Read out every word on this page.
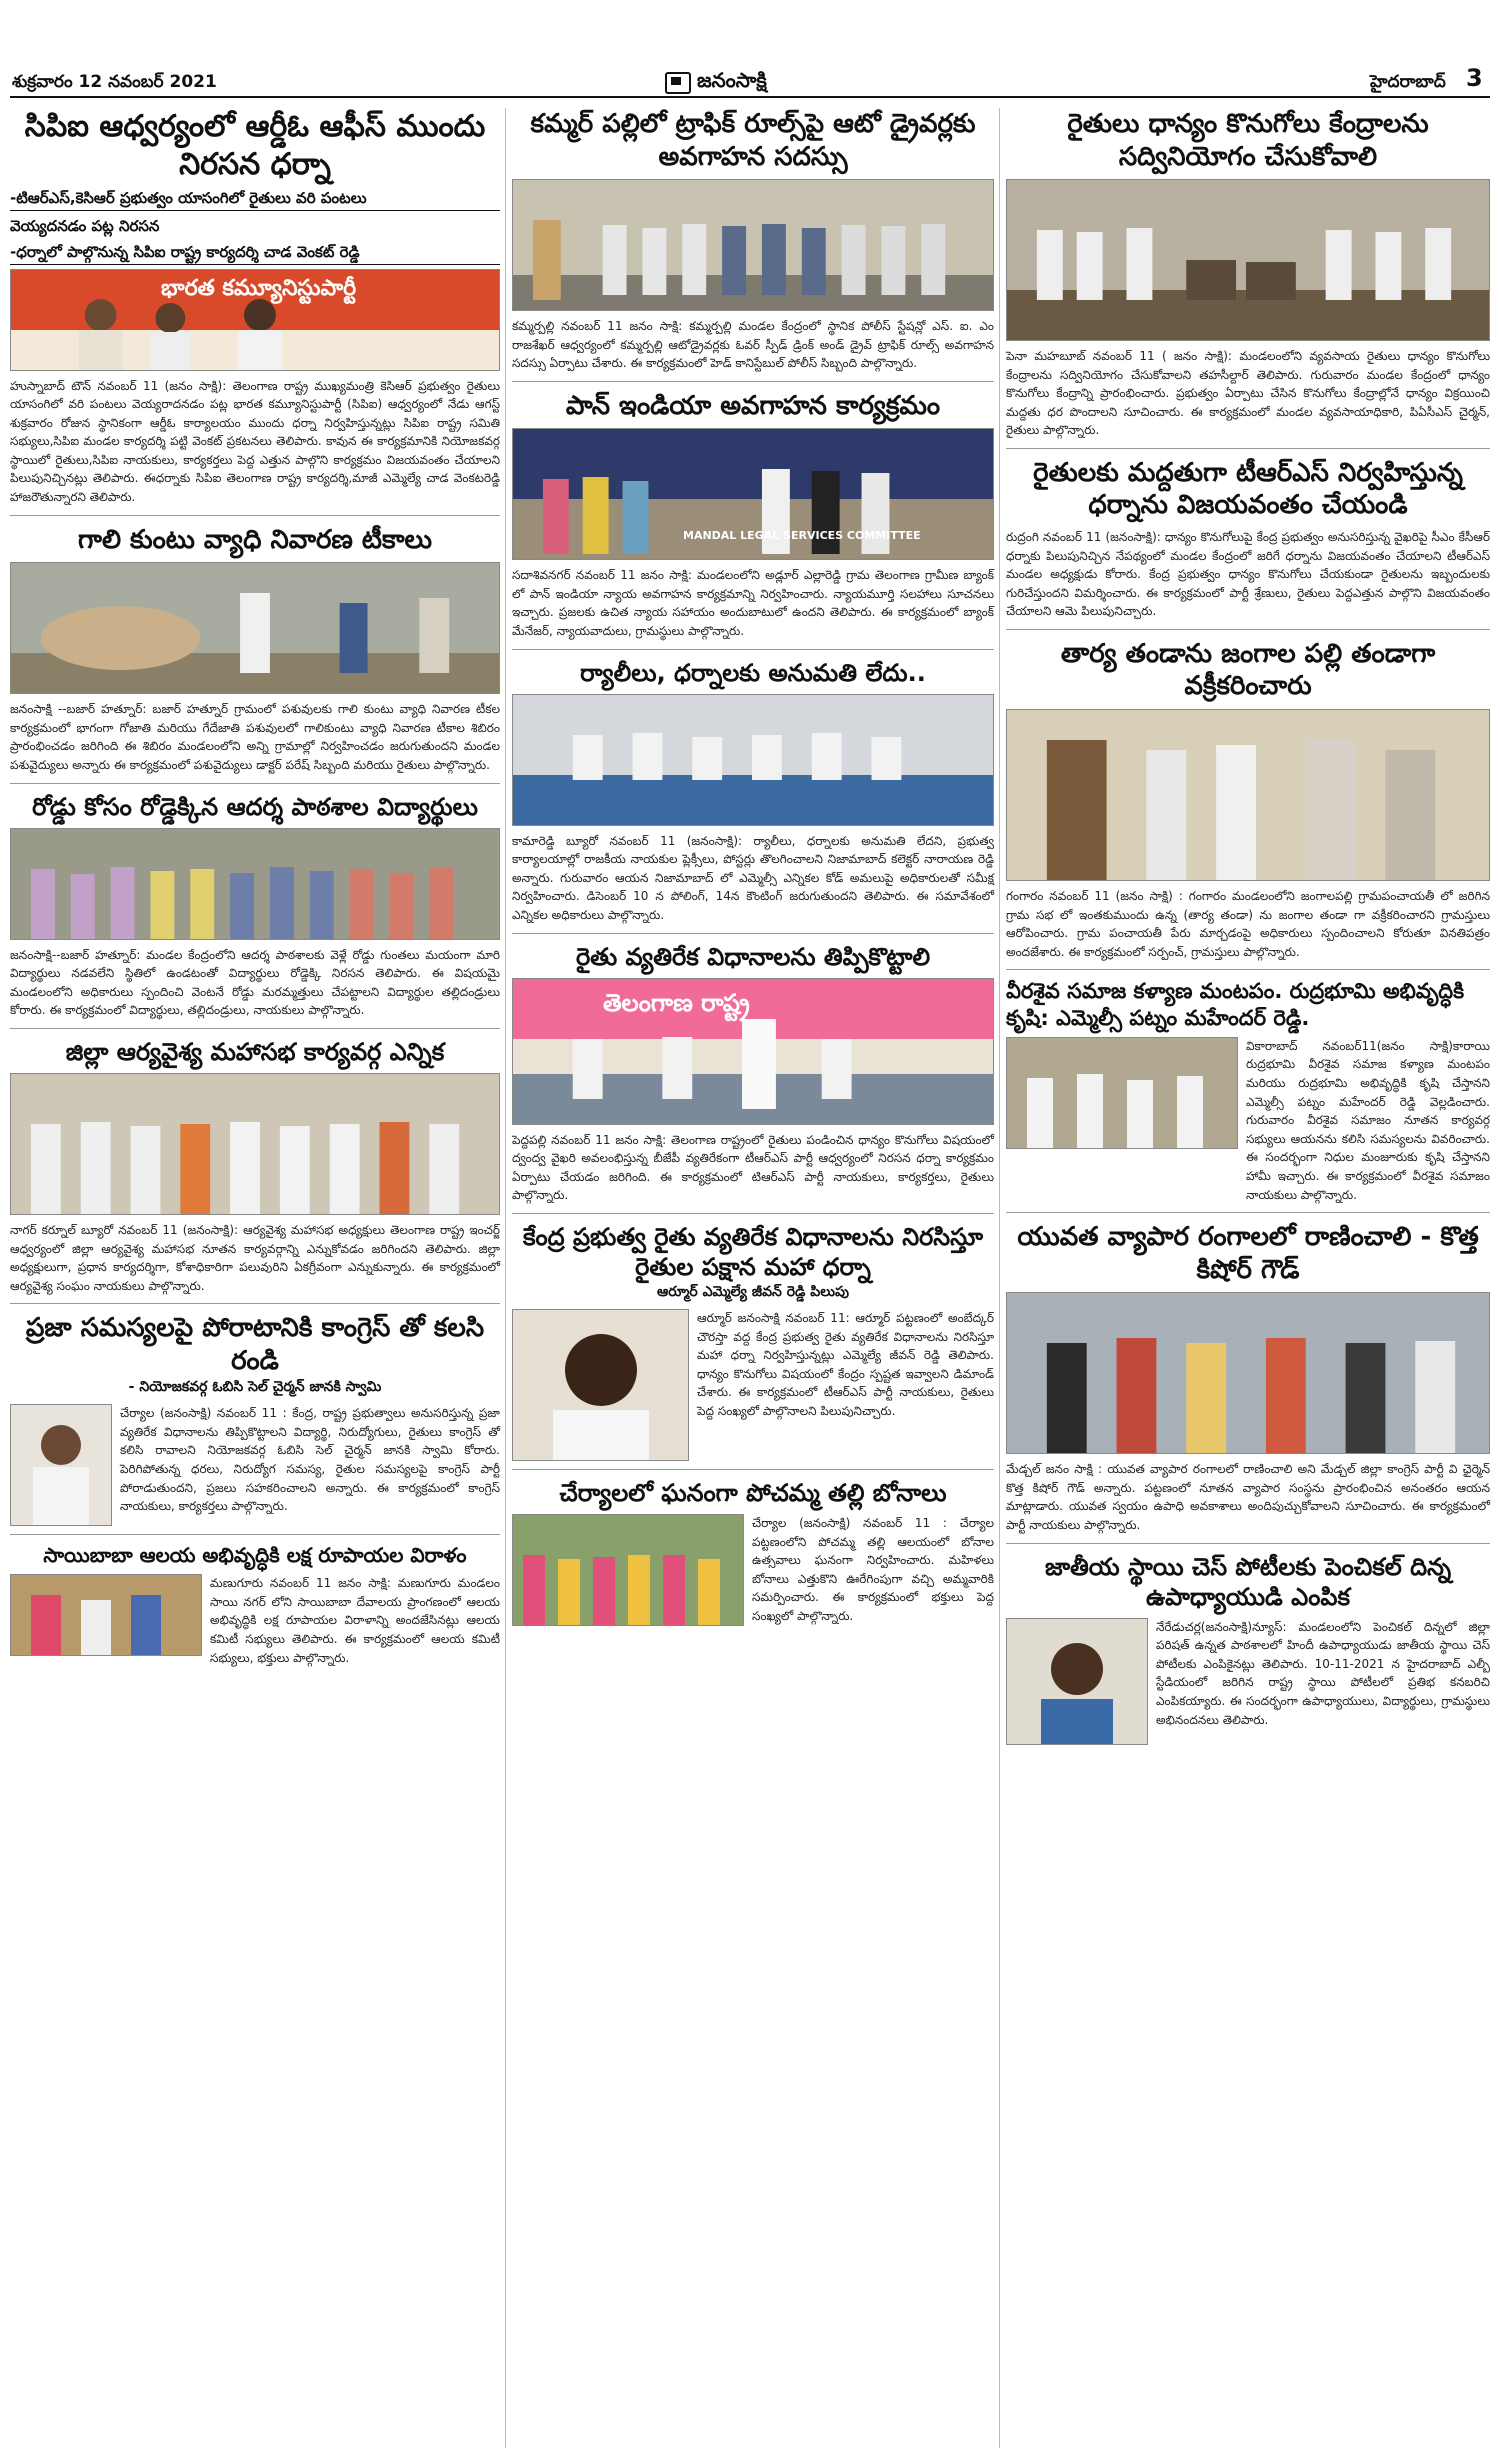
శుక్రవారం 12 నవంబర్ 2021	జనంసాక్షి	హైదరాబాద్ 3
సిపిఐ ఆధ్వర్యంలో ఆర్డీఓ ఆఫీస్ ముందు నిరసన ధర్నా
-టిఆర్ఎస్,కెసిఆర్ ప్రభుత్వం యాసంగిలో రైతులు వరి పంటలు
వెయ్యదనడం పట్ల నిరసన
-ధర్నాలో పాల్గొనున్న సిపిఐ రాష్ట్ర కార్యదర్శి చాడ వెంకట్ రెడ్డి
భారత కమ్యూనిస్టుపార్టీ

హుస్నాబాద్ టౌన్ నవంబర్ 11 (జనం సాక్షి): తెలంగాణ రాష్ట్ర ముఖ్యమంత్రి కెసిఆర్ ప్రభుత్వం రైతులు యాసంగిలో వరి పంటలు వెయ్యరాదనడం పట్ల భారత కమ్యూనిస్టుపార్టీ (సిపిఐ) ఆధ్వర్యంలో నేడు ఆగస్ట్ శుక్రవారం రోజున స్థానికంగా ఆర్డీఓ కార్యాలయం ముందు ధర్నా నిర్వహిస్తున్నట్లు సిపిఐ రాష్ట్ర సమితి సభ్యులు,సిపిఐ మండల కార్యదర్శి పట్టి వెంకట్ ప్రకటనలు తెలిపారు. కావున ఈ కార్యక్రమానికి నియోజకవర్గ స్థాయిలో రైతులు,సిపిఐ నాయకులు, కార్యకర్తలు పెద్ద ఎత్తున పాల్గొని కార్యక్రమం విజయవంతం చేయాలని పిలుపునిచ్చినట్లు తెలిపారు. ఈధర్నాకు సిపిఐ తెలంగాణ రాష్ట్ర కార్యదర్శి,మాజీ ఎమ్మెల్యే చాడ వెంకటరెడ్డి హాజరౌతున్నారని తెలిపారు.

గాలి కుంటు వ్యాధి నివారణ టీకాలు

జనంసాక్షి --బజార్ హత్నూర్: బజార్ హత్నూర్ గ్రామంలో పశువులకు గాలి కుంటు వ్యాధి నివారణ టీకల కార్యక్రమంలో భాగంగా గోజాతి మరియు గేదేజాతి పశువులలో గాలికుంటు వ్యాధి నివారణ టీకాల శిబిరం ప్రారంభించడం జరిగింది ఈ శిబిరం మండలంలోని అన్ని గ్రామాల్లో నిర్వహించడం జరుగుతుందని మండల పశువైద్యులు అన్నారు ఈ కార్యక్రమంలో పశువైద్యులు డాక్టర్ పరేష్ సిబ్బంది మరియు రైతులు పాల్గొన్నారు.

రోడ్డు కోసం రోడ్డెక్కిన ఆదర్శ పాఠశాల విద్యార్థులు

జనంసాక్షి--బజార్ హత్నూర్: మండల కేంద్రంలోని ఆదర్శ పాఠశాలకు వెళ్లే రోడ్డు గుంతలు మయంగా మారి విద్యార్థులు నడవలేని స్థితిలో ఉండటంతో విద్యార్థులు రోడ్డెక్కి నిరసన తెలిపారు. ఈ విషయమై మండలంలోని అధికారులు స్పందించి వెంటనే రోడ్డు మరమ్మత్తులు చేపట్టాలని విద్యార్థుల తల్లిదండ్రులు కోరారు. ఈ కార్యక్రమంలో విద్యార్థులు, తల్లిదండ్రులు, నాయకులు పాల్గొన్నారు.

జిల్లా ఆర్యవైశ్య మహాసభ కార్యవర్గ ఎన్నిక

నాగర్ కర్నూల్ బ్యూరో నవంబర్ 11 (జనంసాక్షి): ఆర్యవైశ్య మహాసభ అధ్యక్షులు తెలంగాణ రాష్ట్ర ఇంచర్జ్ ఆధ్వర్యంలో జిల్లా ఆర్యవైశ్య మహాసభ నూతన కార్యవర్గాన్ని ఎన్నుకోవడం జరిగిందని తెలిపారు. జిల్లా అధ్యక్షులుగా, ప్రధాన కార్యదర్శిగా, కోశాధికారిగా పలువురిని ఏకగ్రీవంగా ఎన్నుకున్నారు. ఈ కార్యక్రమంలో ఆర్యవైశ్య సంఘం నాయకులు పాల్గొన్నారు.

ప్రజా సమస్యలపై పోరాటానికి కాంగ్రెస్ తో కలసి రండి
- నియోజకవర్గ ఓబిసి సెల్ చైర్మన్ జానకి స్వామి

చేర్యాల (జనంసాక్షి) నవంబర్ 11 : కేంద్ర, రాష్ట్ర ప్రభుత్వాలు అనుసరిస్తున్న ప్రజా వ్యతిరేక విధానాలను తిప్పికొట్టాలని విద్యార్థి, నిరుద్యోగులు, రైతులు కాంగ్రెస్ తో కలిసి రావాలని నియోజకవర్గ ఓబిసి సెల్ చైర్మన్ జానకి స్వామి కోరారు. పెరిగిపోతున్న ధరలు, నిరుద్యోగ సమస్య, రైతుల సమస్యలపై కాంగ్రెస్ పార్టీ పోరాడుతుందని, ప్రజలు సహకరించాలని అన్నారు. ఈ కార్యక్రమంలో కాంగ్రెస్ నాయకులు, కార్యకర్తలు పాల్గొన్నారు.

సాయిబాబా ఆలయ అభివృద్ధికి లక్ష రూపాయల విరాళం

మణుగూరు నవంబర్ 11 జనం సాక్షి: మణుగూరు మండలం సాయి నగర్ లోని సాయిబాబా దేవాలయ ప్రాంగణంలో ఆలయ అభివృద్ధికి లక్ష రూపాయల విరాళాన్ని అందజేసినట్లు ఆలయ కమిటీ సభ్యులు తెలిపారు. ఈ కార్యక్రమంలో ఆలయ కమిటీ సభ్యులు, భక్తులు పాల్గొన్నారు.

కమ్మర్ పల్లిలో ట్రాఫిక్ రూల్స్‌పై ఆటో డ్రైవర్లకు అవగాహన సదస్సు

కమ్మర్పల్లి నవంబర్ 11 జనం సాక్షి: కమ్మర్పల్లి మండల కేంద్రంలో స్థానిక పోలీస్ స్టేషన్లో ఎస్. ఐ. ఎం రాజశేఖర్ ఆధ్వర్యంలో కమ్మర్పల్లి ఆటోడ్రైవర్లకు ఓవర్ స్పీడ్ డ్రింక్ అండ్ డ్రైవ్ ట్రాఫిక్ రూల్స్ అవగాహన సదస్సు ఏర్పాటు చేశారు. ఈ కార్యక్రమంలో హెడ్ కానిస్టేబుల్ పోలీస్ సిబ్బంది పాల్గొన్నారు.

పాన్ ఇండియా అవగాహన కార్యక్రమం
MANDAL LEGAL SERVICES COMMITTEE

సదాశివనగర్ నవంబర్ 11 జనం సాక్షి: మండలంలోని అడ్లూర్ ఎల్లారెడ్డి గ్రామ తెలంగాణ గ్రామీణ బ్యాంక్ లో పాన్ ఇండియా న్యాయ అవగాహన కార్యక్రమాన్ని నిర్వహించారు. న్యాయమూర్తి సలహాలు సూచనలు ఇచ్చారు. ప్రజలకు ఉచిత న్యాయ సహాయం అందుబాటులో ఉందని తెలిపారు. ఈ కార్యక్రమంలో బ్యాంక్ మేనేజర్, న్యాయవాదులు, గ్రామస్థులు పాల్గొన్నారు.

ర్యాలీలు, ధర్నాలకు అనుమతి లేదు..

కామారెడ్డి బ్యూరో నవంబర్ 11 (జనంసాక్షి): ర్యాలీలు, ధర్నాలకు అనుమతి లేదని, ప్రభుత్వ కార్యాలయాల్లో రాజకీయ నాయకుల ప్లెక్సీలు, పోస్టర్లు తొలగించాలని నిజామాబాద్ కలెక్టర్ నారాయణ రెడ్డి అన్నారు. గురువారం ఆయన నిజామాబాద్ లో ఎమ్మెల్సీ ఎన్నికల కోడ్ అమలుపై అధికారులతో సమీక్ష నిర్వహించారు. డిసెంబర్ 10 న పోలింగ్, 14న కౌంటింగ్ జరుగుతుందని తెలిపారు. ఈ సమావేశంలో ఎన్నికల అధికారులు పాల్గొన్నారు.

రైతు వ్యతిరేక విధానాలను తిప్పికొట్టాలి
తెలంగాణ రాష్ట్ర

పెద్దపల్లి నవంబర్ 11 జనం సాక్షి: తెలంగాణ రాష్ట్రంలో రైతులు పండించిన ధాన్యం కొనుగోలు విషయంలో ద్వంద్వ వైఖరి అవలంభిస్తున్న బీజేపీ వ్యతిరేకంగా టీఆర్ఎస్ పార్టీ ఆధ్వర్యంలో నిరసన ధర్నా కార్యక్రమం ఏర్పాటు చేయడం జరిగింది. ఈ కార్యక్రమంలో టిఆర్ఎస్ పార్టీ నాయకులు, కార్యకర్తలు, రైతులు పాల్గొన్నారు.

కేంద్ర ప్రభుత్వ రైతు వ్యతిరేక విధానాలను నిరసిస్తూ రైతుల పక్షాన మహా ధర్నా
ఆర్మూర్ ఎమ్మెల్యే జీవన్ రెడ్డి పిలుపు

ఆర్మూర్ జనంసాక్షి నవంబర్ 11: ఆర్మూర్ పట్టణంలో అంబేద్కర్ చౌరస్తా వద్ద కేంద్ర ప్రభుత్వ రైతు వ్యతిరేక విధానాలను నిరసిస్తూ మహా ధర్నా నిర్వహిస్తున్నట్లు ఎమ్మెల్యే జీవన్ రెడ్డి తెలిపారు. ధాన్యం కొనుగోలు విషయంలో కేంద్రం స్పష్టత ఇవ్వాలని డిమాండ్ చేశారు. ఈ కార్యక్రమంలో టీఆర్ఎస్ పార్టీ నాయకులు, రైతులు పెద్ద సంఖ్యలో పాల్గొనాలని పిలుపునిచ్చారు.

చేర్యాలలో ఘనంగా పోచమ్మ తల్లి బోనాలు

చేర్యాల (జనంసాక్షి) నవంబర్ 11 : చేర్యాల పట్టణంలోని పోచమ్మ తల్లి ఆలయంలో బోనాల ఉత్సవాలు ఘనంగా నిర్వహించారు. మహిళలు బోనాలు ఎత్తుకొని ఊరేగింపుగా వచ్చి అమ్మవారికి సమర్పించారు. ఈ కార్యక్రమంలో భక్తులు పెద్ద సంఖ్యలో పాల్గొన్నారు.

రైతులు ధాన్యం కొనుగోలు కేంద్రాలను సద్వినియోగం చేసుకోవాలి

పెనా మహబూబ్ నవంబర్ 11 ( జనం సాక్షి): మండలంలోని వ్యవసాయ రైతులు ధాన్యం కొనుగోలు కేంద్రాలను సద్వినియోగం చేసుకోవాలని తహసీల్దార్ తెలిపారు. గురువారం మండల కేంద్రంలో ధాన్యం కొనుగోలు కేంద్రాన్ని ప్రారంభించారు. ప్రభుత్వం ఏర్పాటు చేసిన కొనుగోలు కేంద్రాల్లోనే ధాన్యం విక్రయించి మద్దతు ధర పొందాలని సూచించారు. ఈ కార్యక్రమంలో మండల వ్యవసాయాధికారి, పిఏసీఎస్ చైర్మన్, రైతులు పాల్గొన్నారు.

రైతులకు మద్దతుగా టీఆర్ఎస్ నిర్వహిస్తున్న ధర్నాను విజయవంతం చేయండి

రుద్రంగి నవంబర్ 11 (జనంసాక్షి): ధాన్యం కొనుగోలుపై కేంద్ర ప్రభుత్వం అనుసరిస్తున్న వైఖరిపై సీఎం కేసీఆర్ ధర్నాకు పిలుపునిచ్చిన నేపథ్యంలో మండల కేంద్రంలో జరిగే ధర్నాను విజయవంతం చేయాలని టీఆర్ఎస్ మండల అధ్యక్షుడు కోరారు. కేంద్ర ప్రభుత్వం ధాన్యం కొనుగోలు చేయకుండా రైతులను ఇబ్బందులకు గురిచేస్తుందని విమర్శించారు. ఈ కార్యక్రమంలో పార్టీ శ్రేణులు, రైతులు పెద్దఎత్తున పాల్గొని విజయవంతం చేయాలని ఆమె పిలుపునిచ్చారు.

తార్య తండాను జంగాల పల్లి తండాగా వక్రీకరించారు

గంగారం నవంబర్ 11 (జనం సాక్షి) : గంగారం మండలంలోని జంగాలపల్లి గ్రామపంచాయతీ లో జరిగిన గ్రామ సభ లో ఇంతకుముందు ఉన్న (తార్య తండా) ను జంగాల తండా గా వక్రీకరించారని గ్రామస్తులు ఆరోపించారు. గ్రామ పంచాయతీ పేరు మార్చడంపై అధికారులు స్పందించాలని కోరుతూ వినతిపత్రం అందజేశారు. ఈ కార్యక్రమంలో సర్పంచ్, గ్రామస్తులు పాల్గొన్నారు.

వీరశైవ సమాజ కళ్యాణ మంటపం. రుద్రభూమి అభివృద్ధికి కృషి: ఎమ్మెల్సీ పట్నం మహేందర్ రెడ్డి.

వికారాబాద్ నవంబర్11(జనం సాక్షి)కారాయి రుద్రభూమి వీరశైవ సమాజ కళ్యాణ మంటపం మరియు రుద్రభూమి అభివృద్ధికి కృషి చేస్తానని ఎమ్మెల్సీ పట్నం మహేందర్ రెడ్డి వెల్లడించారు. గురువారం వీరశైవ సమాజం నూతన కార్యవర్గ సభ్యులు ఆయనను కలిసి సమస్యలను వివరించారు. ఈ సందర్భంగా నిధుల మంజూరుకు కృషి చేస్తానని హామీ ఇచ్చారు. ఈ కార్యక్రమంలో వీరశైవ సమాజం నాయకులు పాల్గొన్నారు.

యువత వ్యాపార రంగాలలో రాణించాలి - కొత్త కిషోర్ గౌడ్

మేడ్చల్ జనం సాక్షి : యువత వ్యాపార రంగాలలో రాణించాలి అని మేడ్చల్ జిల్లా కాంగ్రెస్ పార్టీ వి ఛైర్మెన్ కొత్త కిషోర్ గౌడ్ అన్నారు. పట్టణంలో నూతన వ్యాపార సంస్థను ప్రారంభించిన అనంతరం ఆయన మాట్లాడారు. యువత స్వయం ఉపాధి అవకాశాలు అందిపుచ్చుకోవాలని సూచించారు. ఈ కార్యక్రమంలో పార్టీ నాయకులు పాల్గొన్నారు.

జాతీయ స్థాయి చెస్ పోటీలకు పెంచికల్ దిన్న ఉపాధ్యాయుడి ఎంపిక

నేరేడుచర్ల(జనంసాక్షి)న్యూస్: మండలంలోని పెంచికల్ దిన్నలో జిల్లా పరిషత్ ఉన్నత పాఠశాలలో హిందీ ఉపాధ్యాయుడు జాతీయ స్థాయి చెస్ పోటీలకు ఎంపికైనట్లు తెలిపారు. 10-11-2021 న హైదరాబాద్ ఎల్బీ స్టేడియంలో జరిగిన రాష్ట్ర స్థాయి పోటీలలో ప్రతిభ కనబరిచి ఎంపికయ్యారు. ఈ సందర్భంగా ఉపాధ్యాయులు, విద్యార్థులు, గ్రామస్థులు అభినందనలు తెలిపారు.
